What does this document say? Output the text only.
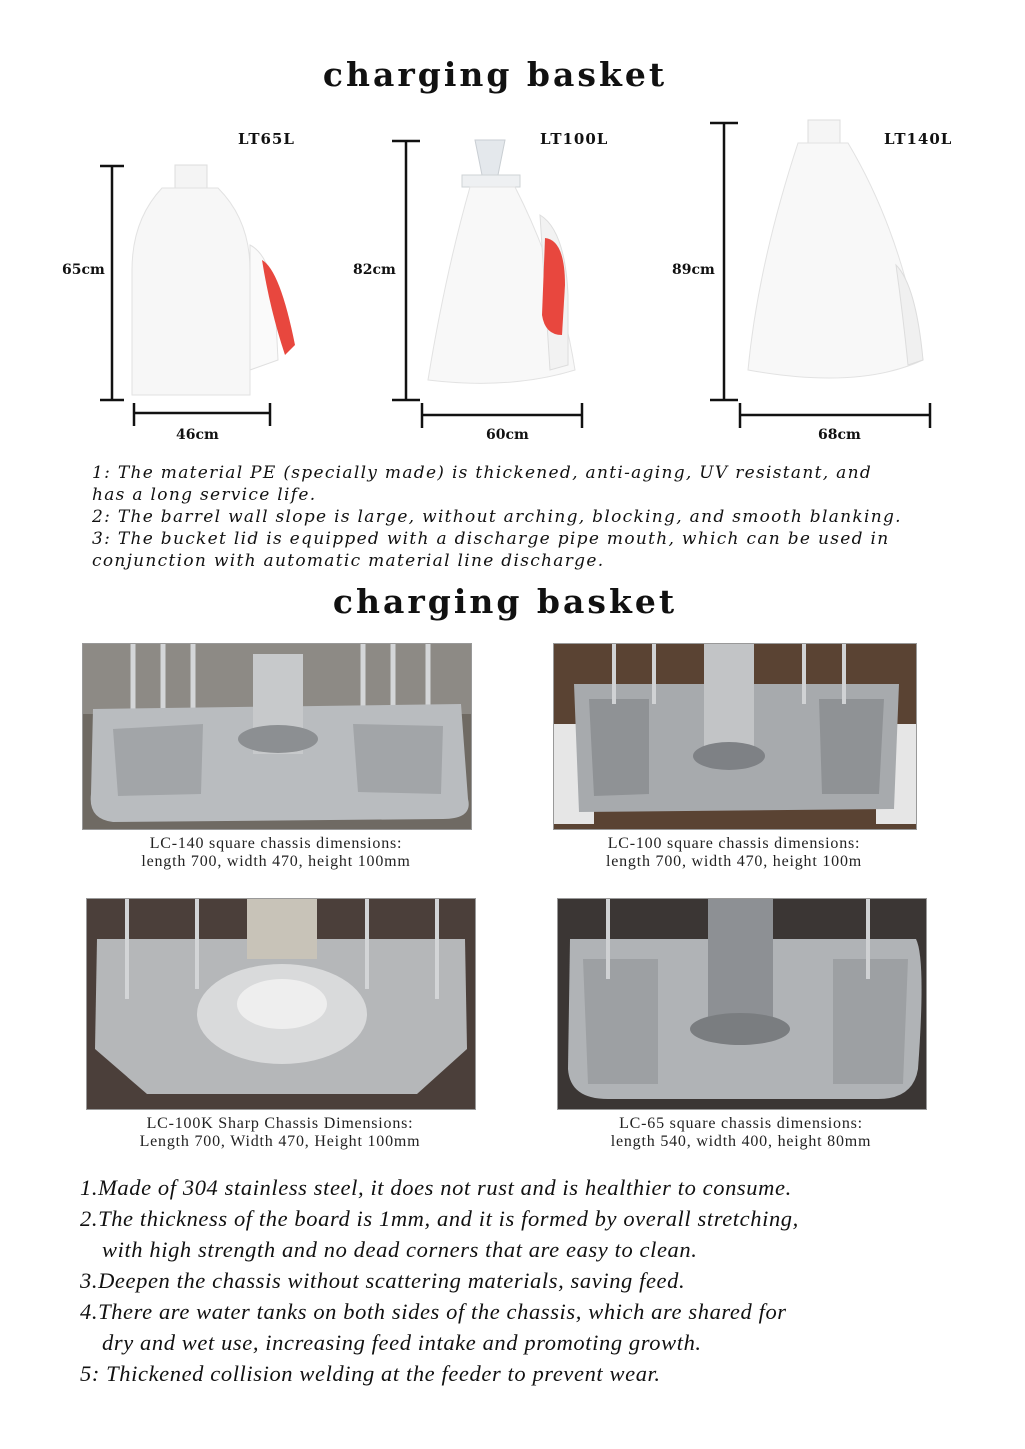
charging basket
LT65L
65cm
46cm
LT100L
82cm
60cm
LT140L
89cm
68cm
1: The material PE (specially made) is thickened, anti-aging, UV resistant, and
has a long service life.
2: The barrel wall slope is large, without arching, blocking, and smooth blanking.
3: The bucket lid is equipped with a discharge pipe mouth, which can be used in
conjunction with automatic material line discharge.
charging basket
LC-140 square chassis dimensions:
length 700, width 470, height 100mm
LC-100 square chassis dimensions:
length 700, width 470, height 100m
LC-100K Sharp Chassis Dimensions:
Length 700, Width 470, Height 100mm
LC-65 square chassis dimensions:
length 540, width 400, height 80mm
1.Made of 304 stainless steel, it does not rust and is healthier to consume.
2.The thickness of the board is 1mm, and it is formed by overall stretching,
with high strength and no dead corners that are easy to clean.
3.Deepen the chassis without scattering materials, saving feed.
4.There are water tanks on both sides of the chassis, which are shared for
dry and wet use, increasing feed intake and promoting growth.
5: Thickened collision welding at the feeder to prevent wear.
